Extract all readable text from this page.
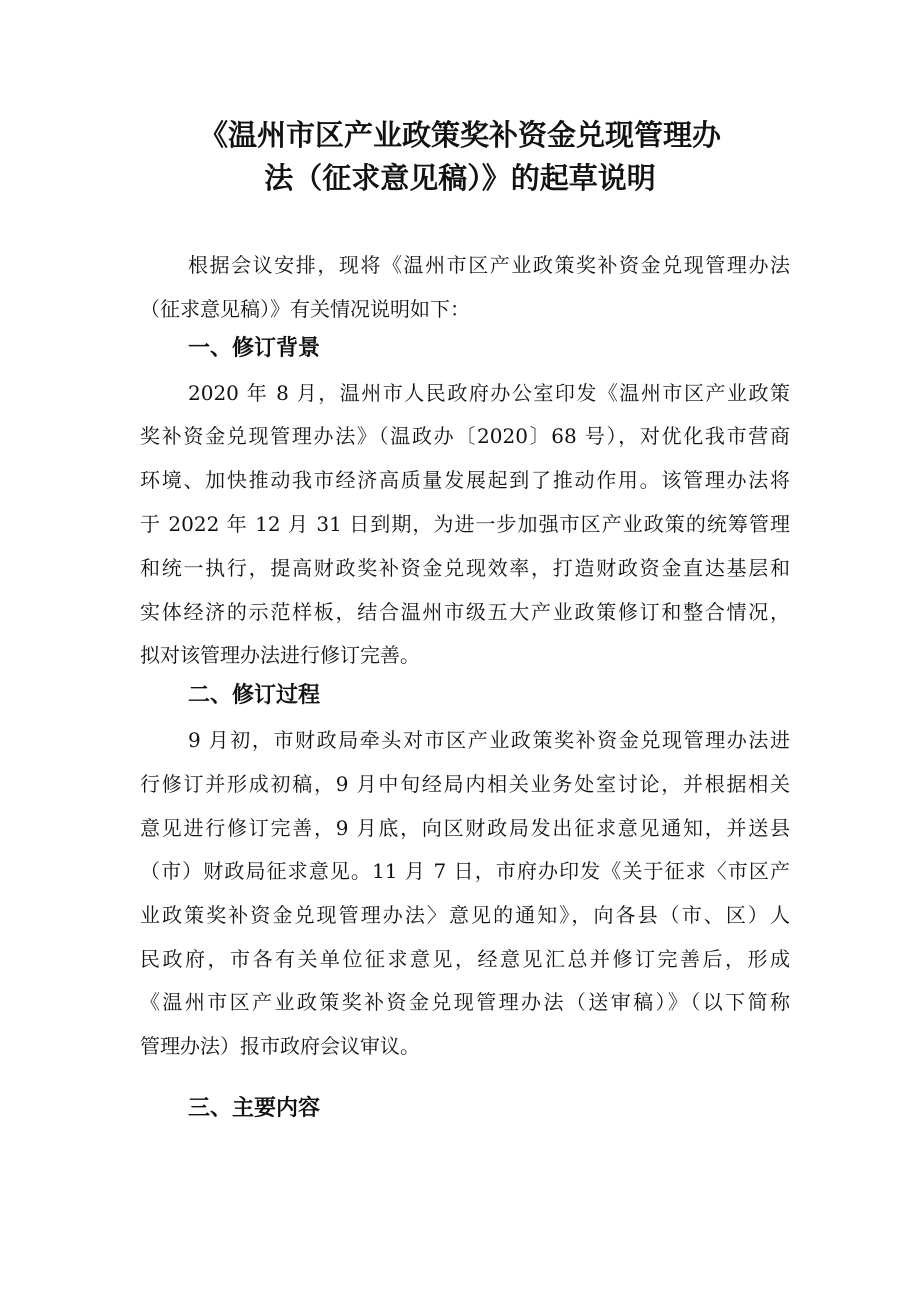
《温州市区产业政策奖补资金兑现管理办
法（征求意见稿）》的起草说明

根据会议安排，现将《温州市区产业政策奖补资金兑现管理办法

（征求意见稿）》有关情况说明如下：

一、修订背景

2020 年 8 月，温州市人民政府办公室印发《温州市区产业政策

奖补资金兑现管理办法》（温政办〔2020〕68 号），对优化我市营商

环境、加快推动我市经济高质量发展起到了推动作用。该管理办法将

于 2022 年 12 月 31 日到期，为进一步加强市区产业政策的统筹管理

和统一执行，提高财政奖补资金兑现效率，打造财政资金直达基层和

实体经济的示范样板，结合温州市级五大产业政策修订和整合情况，

拟对该管理办法进行修订完善。

二、修订过程

9 月初，市财政局牵头对市区产业政策奖补资金兑现管理办法进

行修订并形成初稿，9 月中旬经局内相关业务处室讨论，并根据相关

意见进行修订完善，9 月底，向区财政局发出征求意见通知，并送县

（市）财政局征求意见。11 月 7 日，市府办印发《关于征求〈市区产

业政策奖补资金兑现管理办法〉意见的通知》，向各县（市、区）人

民政府，市各有关单位征求意见，经意见汇总并修订完善后，形成

《温州市区产业政策奖补资金兑现管理办法（送审稿）》（以下简称

管理办法）报市政府会议审议。

三、主要内容
